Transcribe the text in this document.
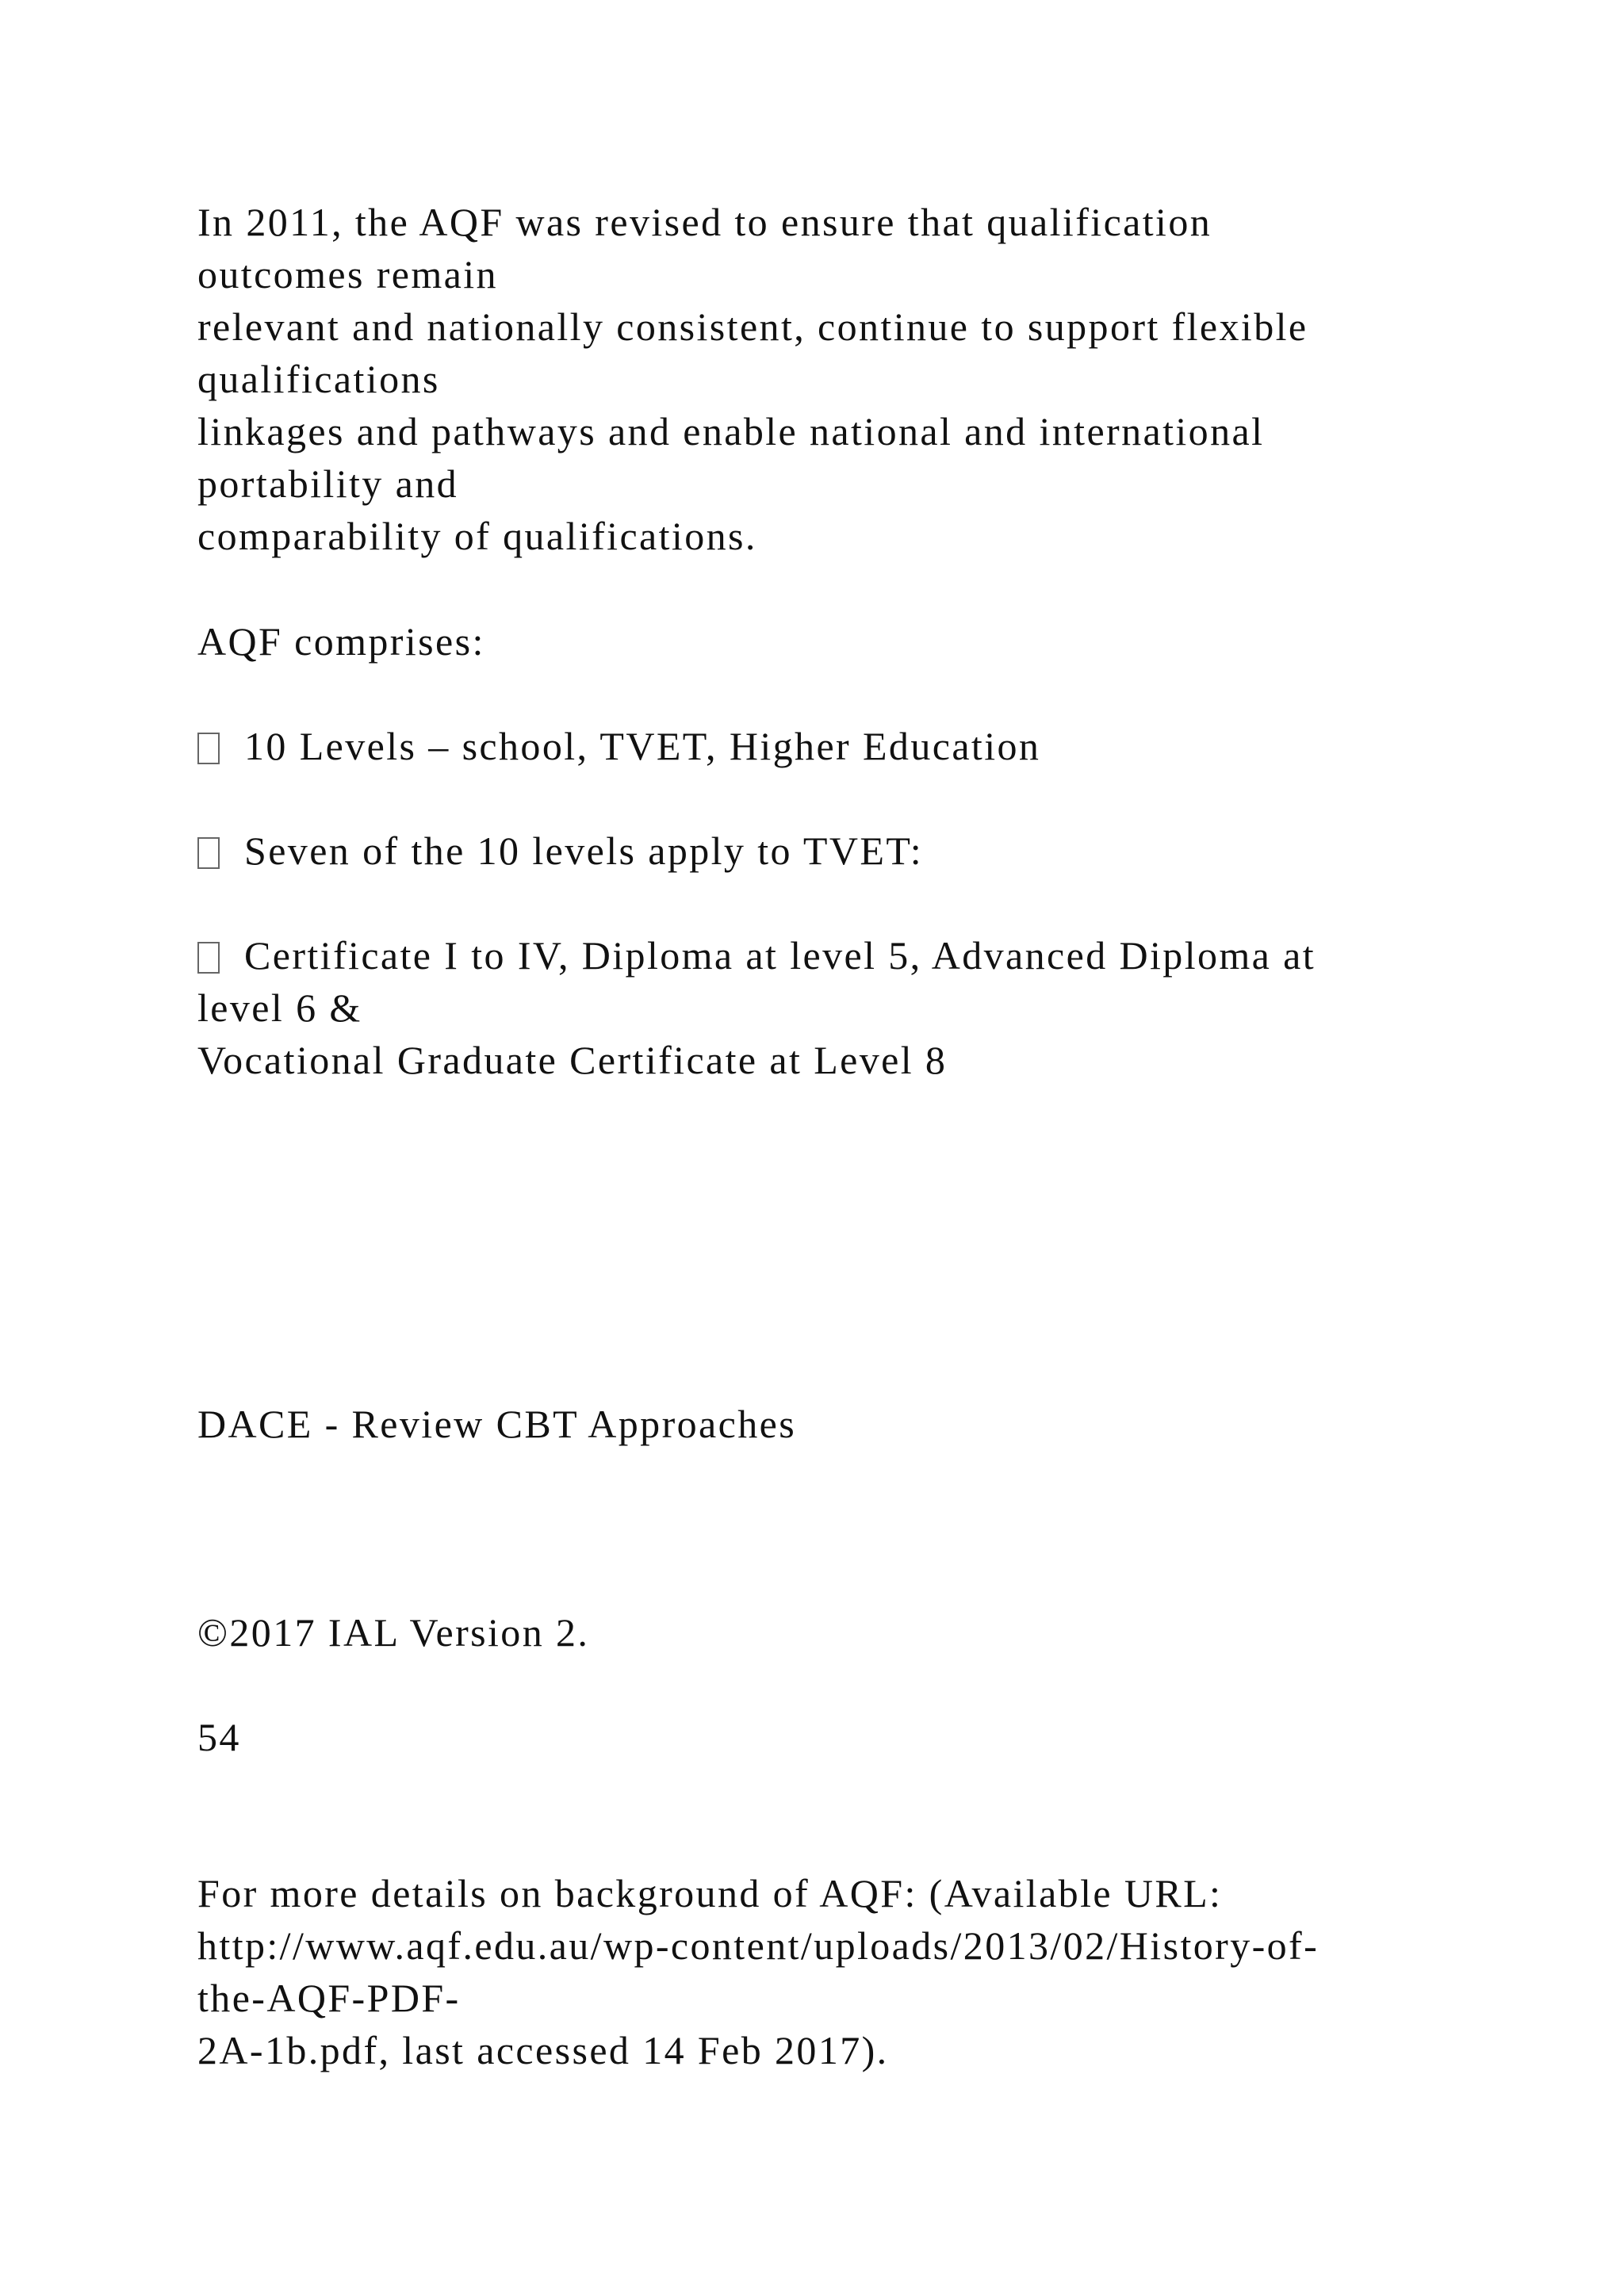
In 2011, the AQF was revised to ensure that qualification
outcomes remain
relevant and nationally consistent, continue to support flexible
qualifications
linkages and pathways and enable national and international
portability and
comparability of qualifications.
AQF comprises:
10 Levels – school, TVET, Higher Education
Seven of the 10 levels apply to TVET:
Certificate I to IV, Diploma at level 5, Advanced Diploma at
level 6 &
Vocational Graduate Certificate at Level 8
DACE - Review CBT Approaches
©2017 IAL Version 2.
54
For more details on background of AQF: (Available URL:
http://www.aqf.edu.au/wp-content/uploads/2013/02/History-of-
the-AQF-PDF-
2A-1b.pdf, last accessed 14 Feb 2017).
